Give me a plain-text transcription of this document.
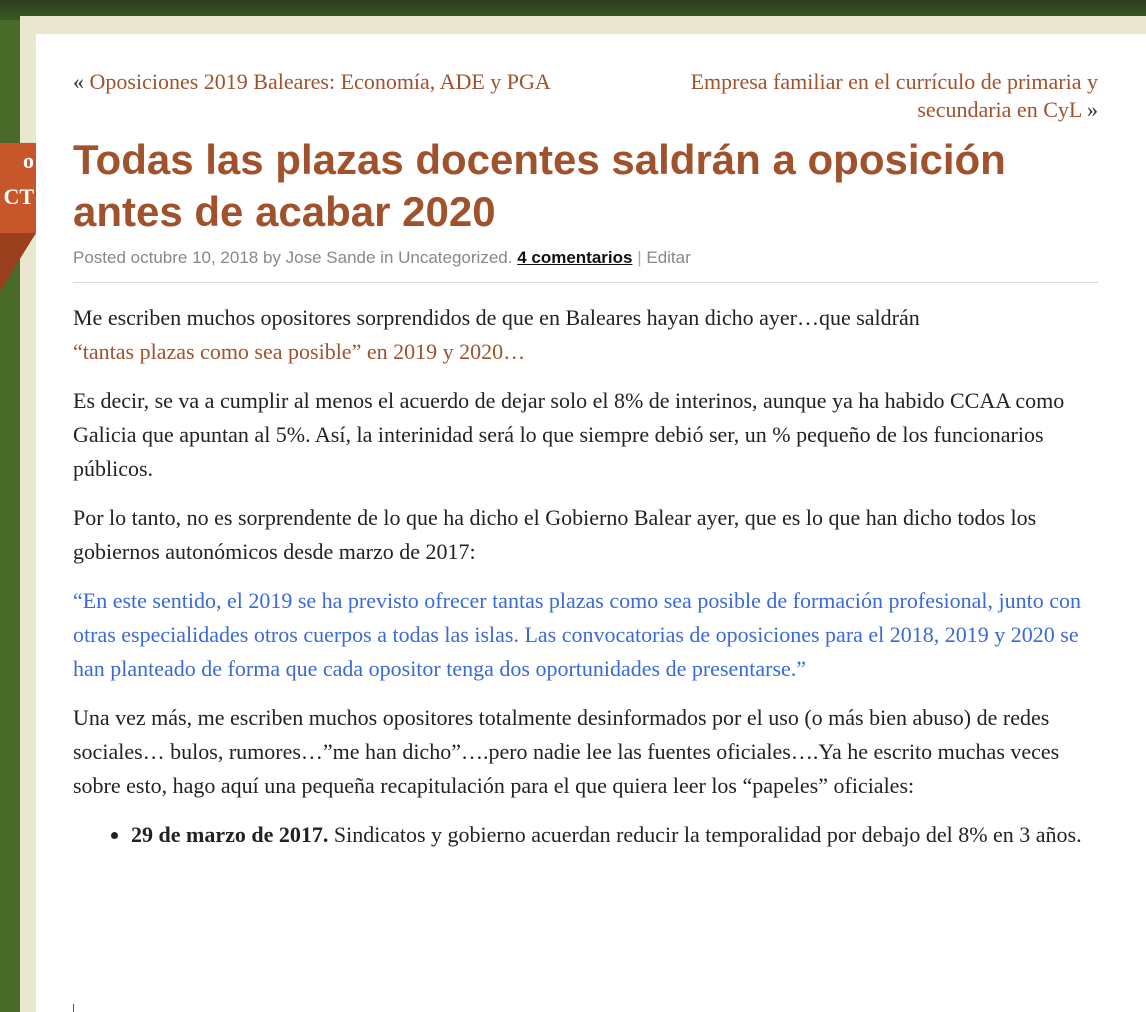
o
CT
« Oposiciones 2019 Baleares: Economía, ADE y PGA	Empresa familiar en el currículo de primaria y secundaria en CyL »
Todas las plazas docentes saldrán a oposición antes de acabar 2020
Posted octubre 10, 2018 by Jose Sande in Uncategorized. 4 comentarios | Editar

Me escriben muchos opositores sorprendidos de que en Baleares hayan dicho ayer…que saldrán
“tantas plazas como sea posible” en 2019 y 2020…

Es decir, se va a cumplir al menos el acuerdo de dejar solo el 8% de interinos, aunque ya ha habido CCAA como Galicia que apuntan al 5%. Así, la interinidad será lo que siempre debió ser, un % pequeño de los funcionarios públicos.

Por lo tanto, no es sorprendente de lo que ha dicho el Gobierno Balear ayer, que es lo que han dicho todos los gobiernos autonómicos desde marzo de 2017:

“En este sentido, el 2019 se ha previsto ofrecer tantas plazas como sea posible de formación profesional, junto con otras especialidades otros cuerpos a todas las islas. Las convocatorias de oposiciones para el 2018, 2019 y 2020 se han planteado de forma que cada opositor tenga dos oportunidades de presentarse.”

Una vez más, me escriben muchos opositores totalmente desinformados por el uso (o más bien abuso) de redes sociales… bulos, rumores…”me han dicho”….pero nadie lee las fuentes oficiales….Ya he escrito muchas veces sobre esto, hago aquí una pequeña recapitulación para el que quiera leer los “papeles” oficiales:

• 29 de marzo de 2017. Sindicatos y gobierno acuerdan reducir la temporalidad por debajo del 8% en 3 años.
